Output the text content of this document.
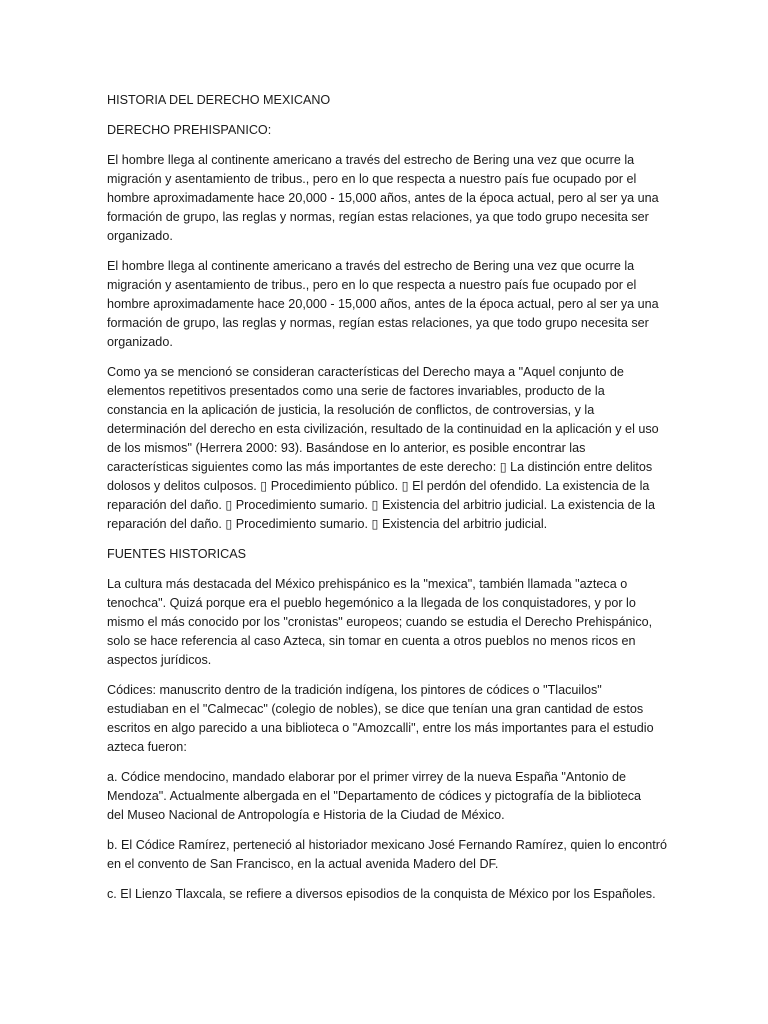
HISTORIA DEL DERECHO MEXICANO
DERECHO PREHISPANICO:
El hombre llega al continente americano a través del estrecho de Bering una vez que ocurre la
migración y asentamiento de tribus., pero en lo que respecta a nuestro país fue ocupado por el
hombre aproximadamente hace 20,000 - 15,000 años, antes de la época actual, pero al ser ya una
formación de grupo, las reglas y normas, regían estas relaciones, ya que todo grupo necesita ser
organizado.
El hombre llega al continente americano a través del estrecho de Bering una vez que ocurre la
migración y asentamiento de tribus., pero en lo que respecta a nuestro país fue ocupado por el
hombre aproximadamente hace 20,000 - 15,000 años, antes de la época actual, pero al ser ya una
formación de grupo, las reglas y normas, regían estas relaciones, ya que todo grupo necesita ser
organizado.
Como ya se mencionó se consideran características del Derecho maya a "Aquel conjunto de
elementos repetitivos presentados como una serie de factores invariables, producto de la
constancia en la aplicación de justicia, la resolución de conflictos, de controversias, y la
determinación del derecho en esta civilización, resultado de la continuidad en la aplicación y el uso
de los mismos" (Herrera 2000: 93). Basándose en lo anterior, es posible encontrar las
características siguientes como las más importantes de este derecho: ▯ La distinción entre delitos
dolosos y delitos culposos. ▯ Procedimiento público. ▯ El perdón del ofendido. La existencia de la
reparación del daño. ▯ Procedimiento sumario. ▯ Existencia del arbitrio judicial. La existencia de la
reparación del daño. ▯ Procedimiento sumario. ▯ Existencia del arbitrio judicial.
FUENTES HISTORICAS
La cultura más destacada del México prehispánico es la "mexica", también llamada "azteca o
tenochca". Quizá porque era el pueblo hegemónico a la llegada de los conquistadores, y por lo
mismo el más conocido por los "cronistas" europeos; cuando se estudia el Derecho Prehispánico,
solo se hace referencia al caso Azteca, sin tomar en cuenta a otros pueblos no menos ricos en
aspectos jurídicos.
Códices: manuscrito dentro de la tradición indígena, los pintores de códices o "Tlacuilos"
estudiaban en el "Calmecac" (colegio de nobles), se dice que tenían una gran cantidad de estos
escritos en algo parecido a una biblioteca o "Amozcalli", entre los más importantes para el estudio
azteca fueron:
a. Códice mendocino, mandado elaborar por el primer virrey de la nueva España "Antonio de
Mendoza". Actualmente albergada en el "Departamento de códices y pictografía de la biblioteca
del Museo Nacional de Antropología e Historia de la Ciudad de México.
b. El Códice Ramírez, perteneció al historiador mexicano José Fernando Ramírez, quien lo encontró
en el convento de San Francisco, en la actual avenida Madero del DF.
c. El Lienzo Tlaxcala, se refiere a diversos episodios de la conquista de México por los Españoles.
